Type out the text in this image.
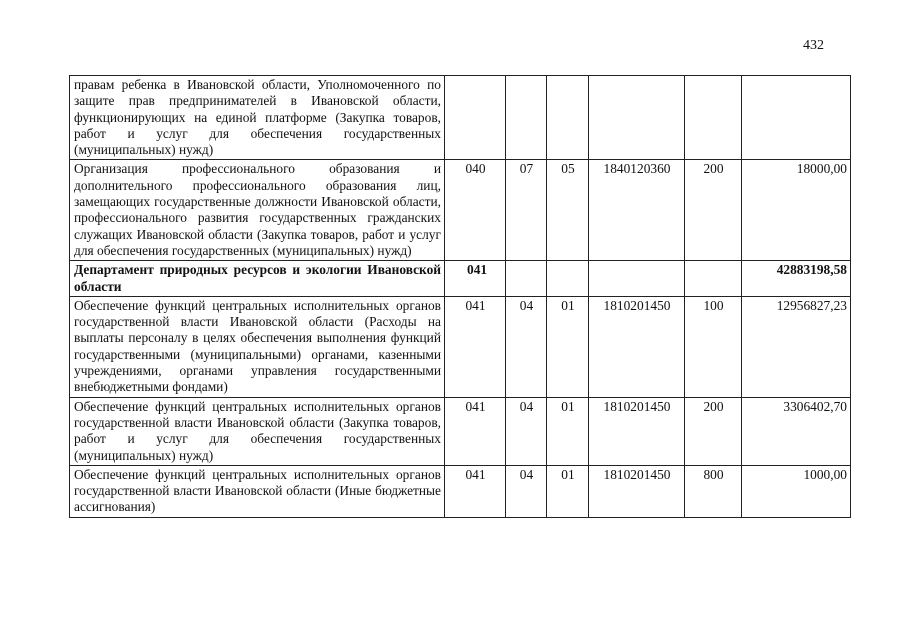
432
правам ребенка в Ивановской области, Уполномоченного по защите прав предпринимателей в Ивановской области, функционирующих на единой платформе (Закупка товаров, работ и услуг для обеспечения государственных (муниципальных) нужд)						
Организация профессионального образования и дополнительного профессионального образования лиц, замещающих государственные должности Ивановской области, профессионального развития государственных гражданских служащих Ивановской области (Закупка товаров, работ и услуг для обеспечения государственных (муниципальных) нужд)	040	07	05	1840120360	200	18000,00
Департамент природных ресурсов и экологии Ивановской области	041					42883198,58
Обеспечение функций центральных исполнительных органов государственной власти Ивановской области (Расходы на выплаты персоналу в целях обеспечения выполнения функций государственными (муниципальными) органами, казенными учреждениями, органами управления государственными внебюджетными фондами)	041	04	01	1810201450	100	12956827,23
Обеспечение функций центральных исполнительных органов государственной власти Ивановской области (Закупка товаров, работ и услуг для обеспечения государственных (муниципальных) нужд)	041	04	01	1810201450	200	3306402,70
Обеспечение функций центральных исполнительных органов государственной власти Ивановской области (Иные бюджетные ассигнования)	041	04	01	1810201450	800	1000,00
